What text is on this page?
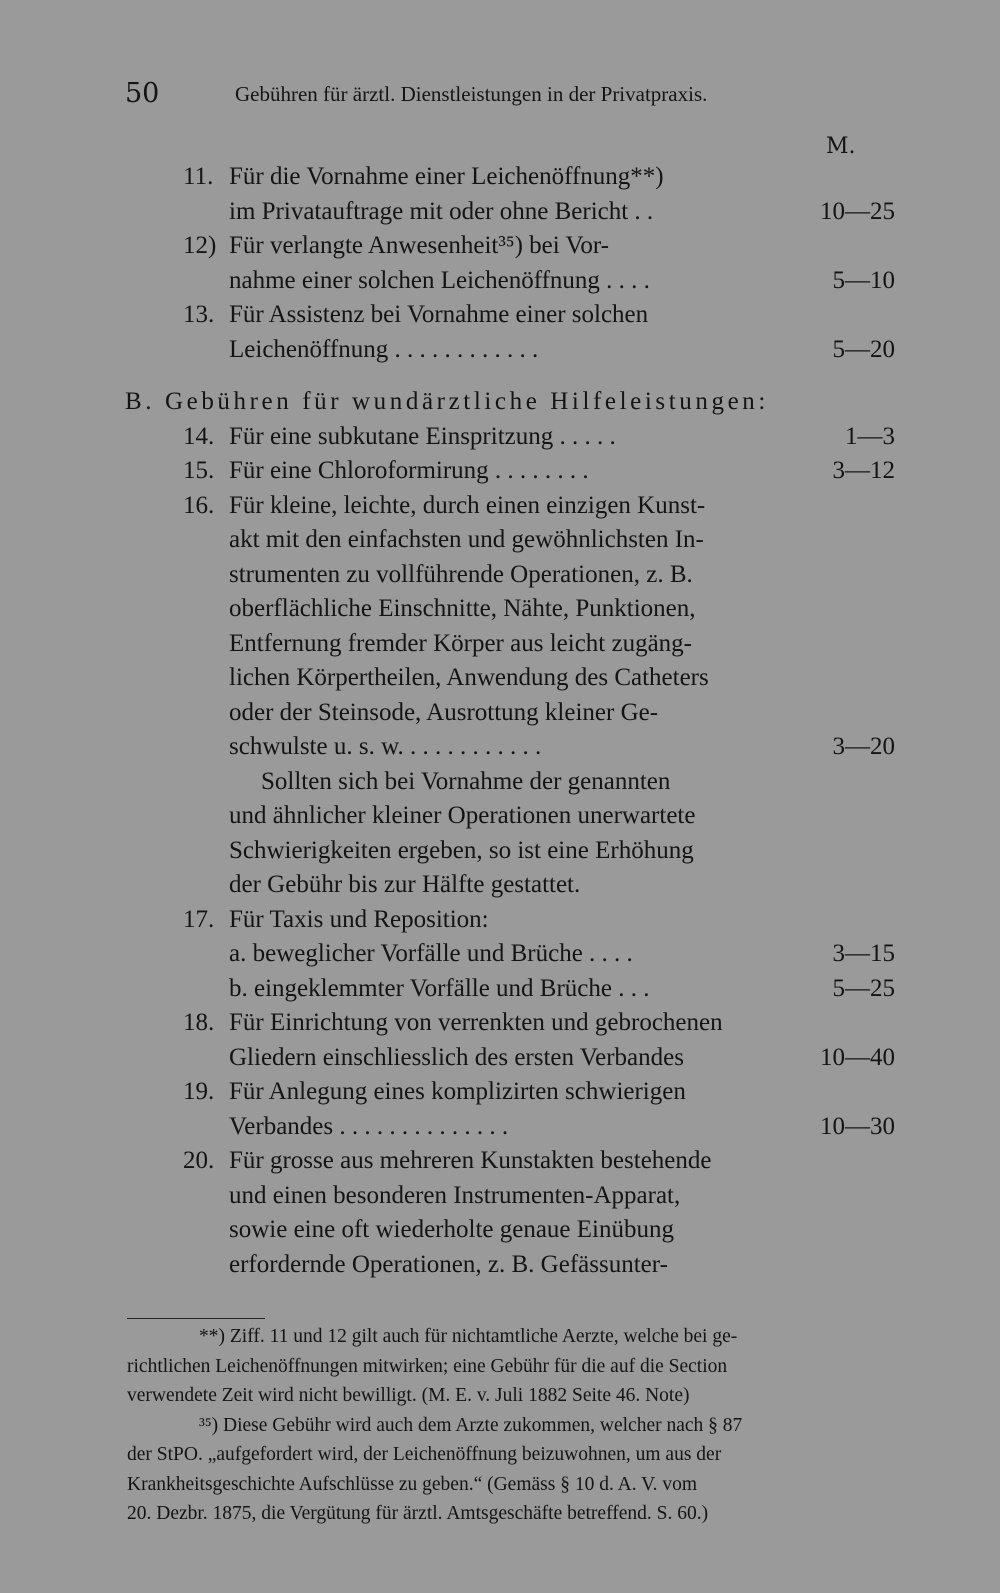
50	Gebühren für ärztl. Dienstleistungen in der Privatpraxis.
M.
11. Für die Vornahme einer Leichenöffnung**)
im Privatauftrage mit oder ohne Bericht . .	10—25
12) Für verlangte Anwesenheit³⁵) bei Vor-
nahme einer solchen Leichenöffnung . . . .	5—10
13. Für Assistenz bei Vornahme einer solchen
Leichenöffnung . . . . . . . . . . . .	5—20
B. Gebühren für wundärztliche Hilfeleistungen:
14. Für eine subkutane Einspritzung . . . . .	1—3
15. Für eine Chloroformirung . . . . . . . .	3—12
16. Für kleine, leichte, durch einen einzigen Kunst-
akt mit den einfachsten und gewöhnlichsten In-
strumenten zu vollführende Operationen, z. B.
oberflächliche Einschnitte, Nähte, Punktionen,
Entfernung fremder Körper aus leicht zugäng-
lichen Körpertheilen, Anwendung des Catheters
oder der Steinsode, Ausrottung kleiner Ge-
schwulste u. s. w. . . . . . . . . . . .	3—20
Sollten sich bei Vornahme der genannten
und ähnlicher kleiner Operationen unerwartete
Schwierigkeiten ergeben, so ist eine Erhöhung
der Gebühr bis zur Hälfte gestattet.
17. Für Taxis und Reposition:
a. beweglicher Vorfälle und Brüche . . . .	3—15
b. eingeklemmter Vorfälle und Brüche . . .	5—25
18. Für Einrichtung von verrenkten und gebrochenen
Gliedern einschliesslich des ersten Verbandes	10—40
19. Für Anlegung eines komplizirten schwierigen
Verbandes . . . . . . . . . . . . . .	10—30
20. Für grosse aus mehreren Kunstakten bestehende
und einen besonderen Instrumenten-Apparat,
sowie eine oft wiederholte genaue Einübung
erfordernde Operationen, z. B. Gefässunter-
**) Ziff. 11 und 12 gilt auch für nichtamtliche Aerzte, welche bei ge-
richtlichen Leichenöffnungen mitwirken; eine Gebühr für die auf die Section
verwendete Zeit wird nicht bewilligt. (M. E. v. Juli 1882 Seite 46. Note)
³⁵) Diese Gebühr wird auch dem Arzte zukommen, welcher nach § 87
der StPO. „aufgefordert wird, der Leichenöffnung beizuwohnen, um aus der
Krankheitsgeschichte Aufschlüsse zu geben.“ (Gemäss § 10 d. A. V. vom
20. Dezbr. 1875, die Vergütung für ärztl. Amtsgeschäfte betreffend. S. 60.)
